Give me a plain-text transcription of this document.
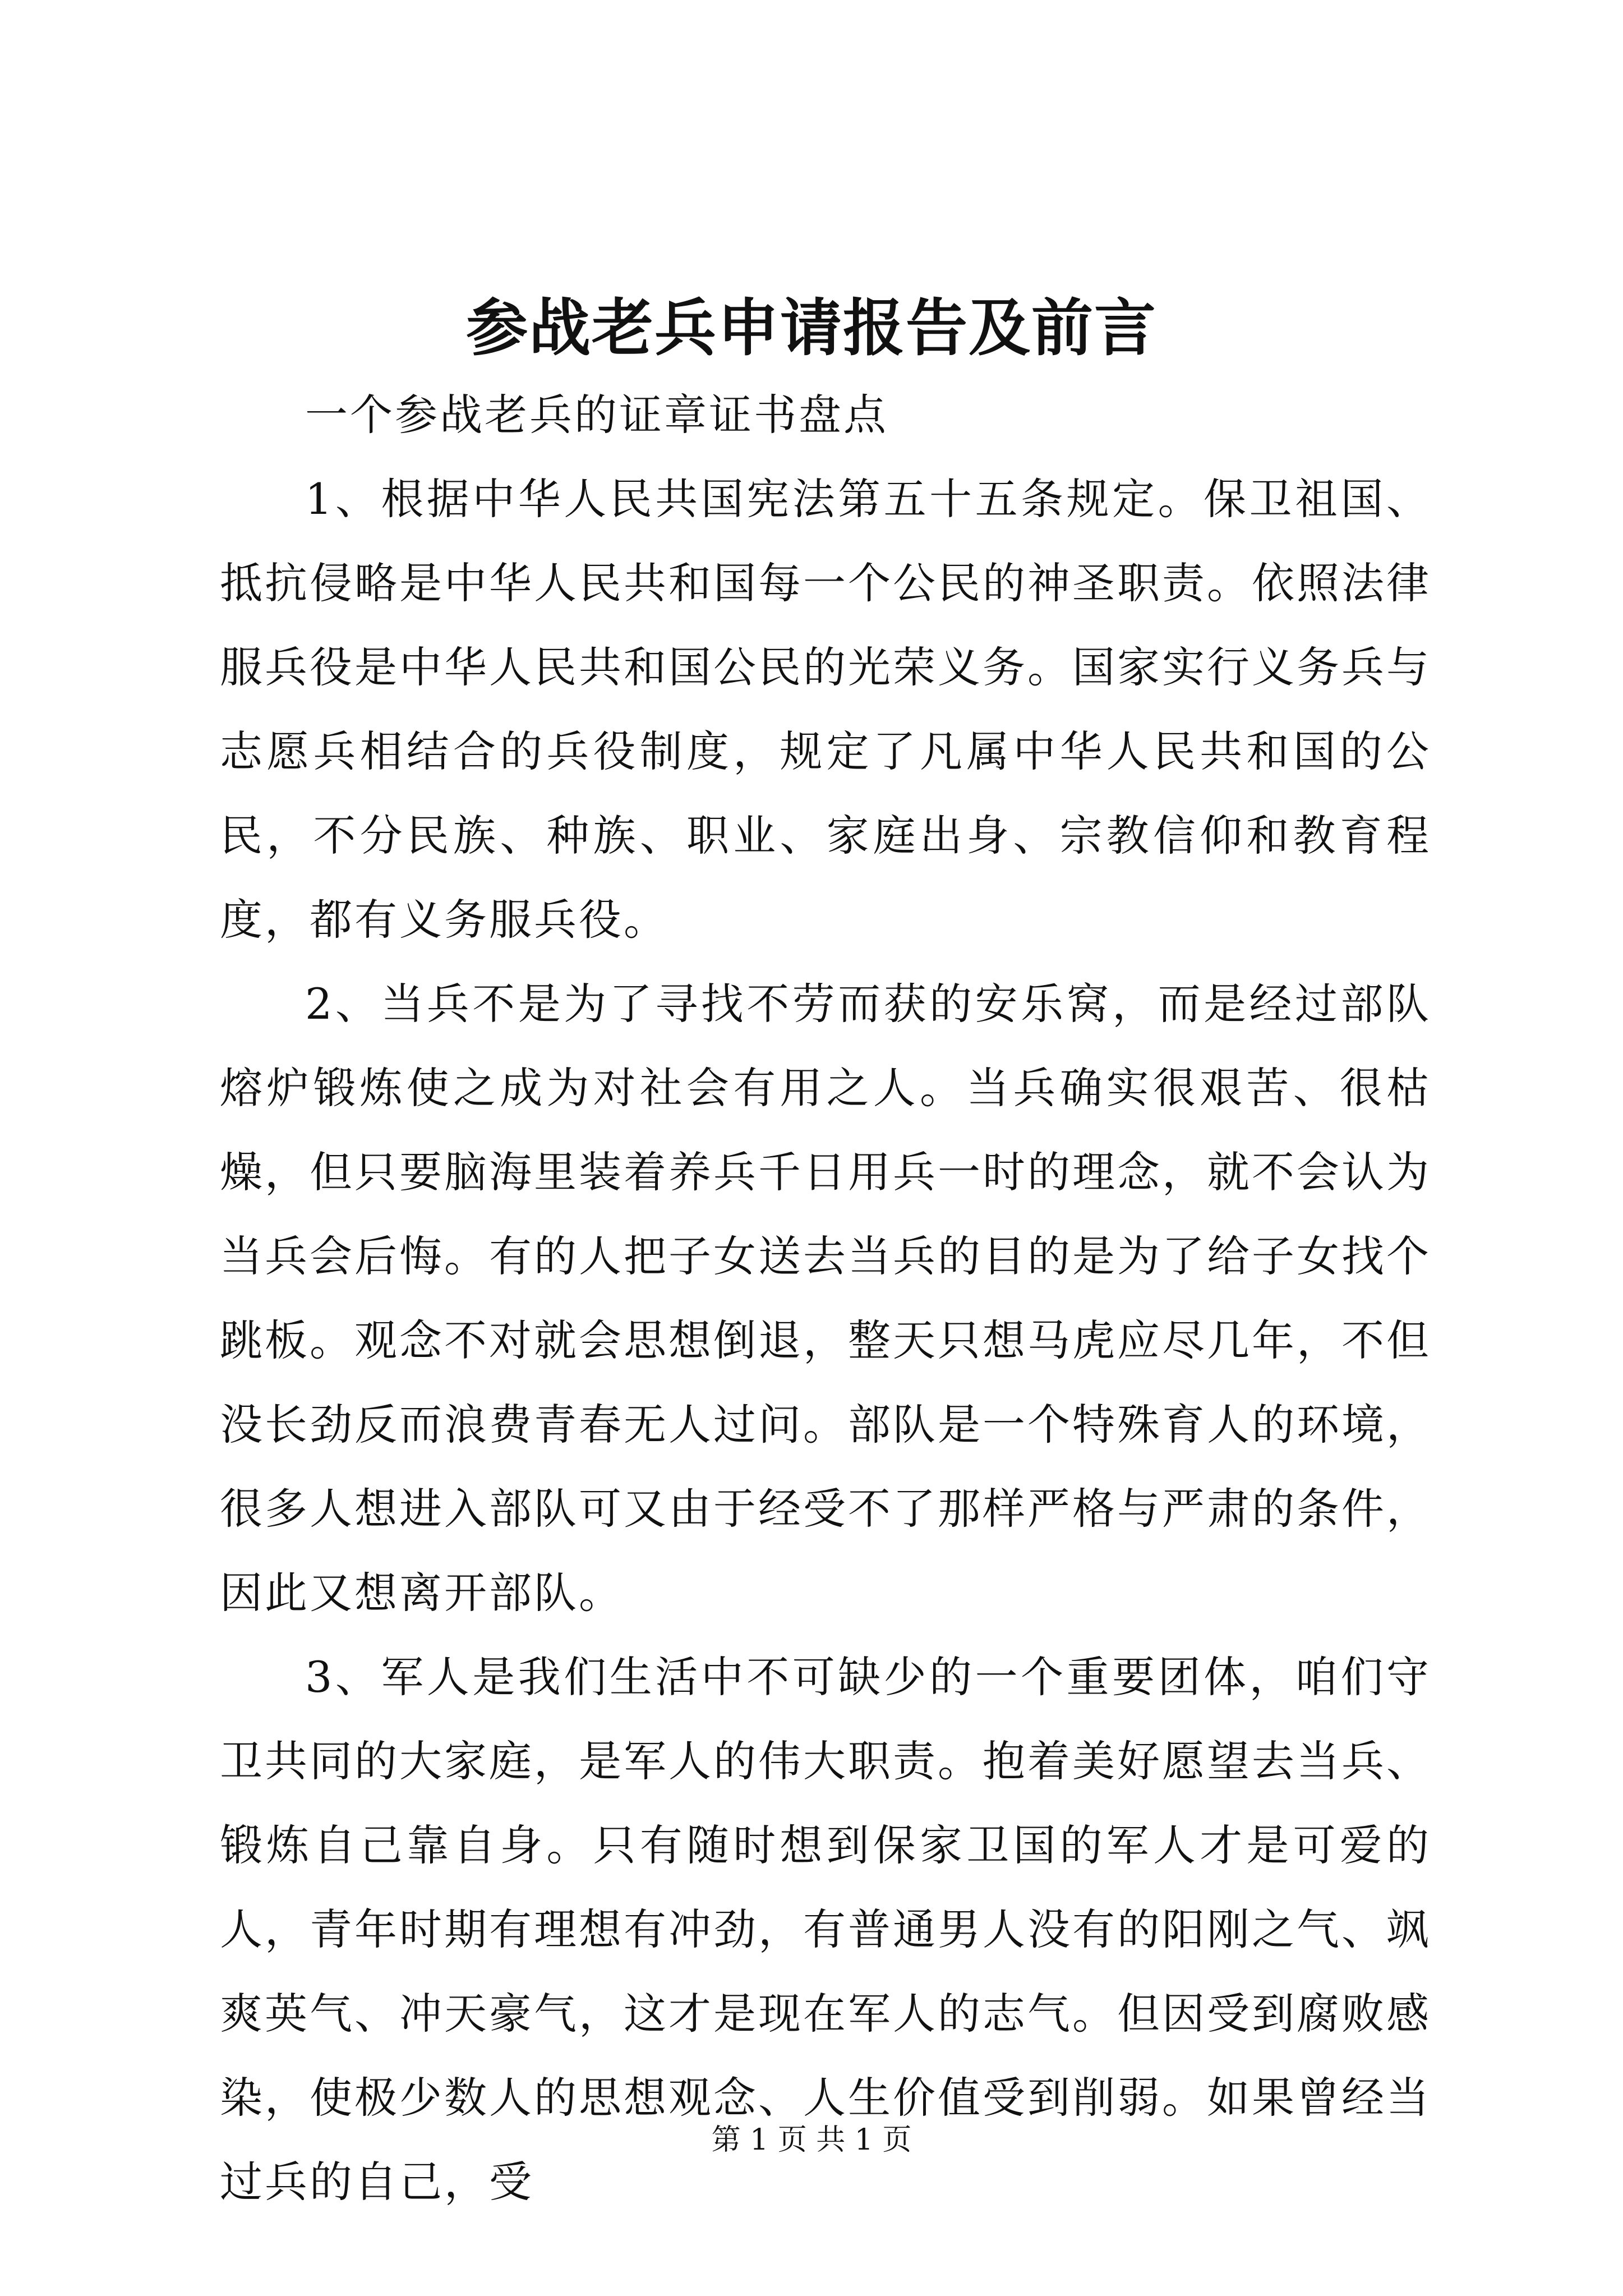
参战老兵申请报告及前言

一个参战老兵的证章证书盘点

1、根据中华人民共国宪法第五十五条规定。保卫祖国、抵抗侵略是中华人民共和国每一个公民的神圣职责。依照法律服兵役是中华人民共和国公民的光荣义务。国家实行义务兵与志愿兵相结合的兵役制度，规定了凡属中华人民共和国的公民，不分民族、种族、职业、家庭出身、宗教信仰和教育程度，都有义务服兵役。

2、当兵不是为了寻找不劳而获的安乐窝，而是经过部队熔炉锻炼使之成为对社会有用之人。当兵确实很艰苦、很枯燥，但只要脑海里装着养兵千日用兵一时的理念，就不会认为当兵会后悔。有的人把子女送去当兵的目的是为了给子女找个跳板。观念不对就会思想倒退，整天只想马虎应尽几年，不但没长劲反而浪费青春无人过问。部队是一个特殊育人的环境，很多人想进入部队可又由于经受不了那样严格与严肃的条件，因此又想离开部队。

3、军人是我们生活中不可缺少的一个重要团体，咱们守卫共同的大家庭，是军人的伟大职责。抱着美好愿望去当兵、锻炼自己靠自身。只有随时想到保家卫国的军人才是可爱的人，青年时期有理想有冲劲，有普通男人没有的阳刚之气、飒爽英气、冲天豪气，这才是现在军人的志气。但因受到腐败感染，使极少数人的思想观念、人生价值受到削弱。如果曾经当过兵的自己，受

第 1 页 共 1 页
